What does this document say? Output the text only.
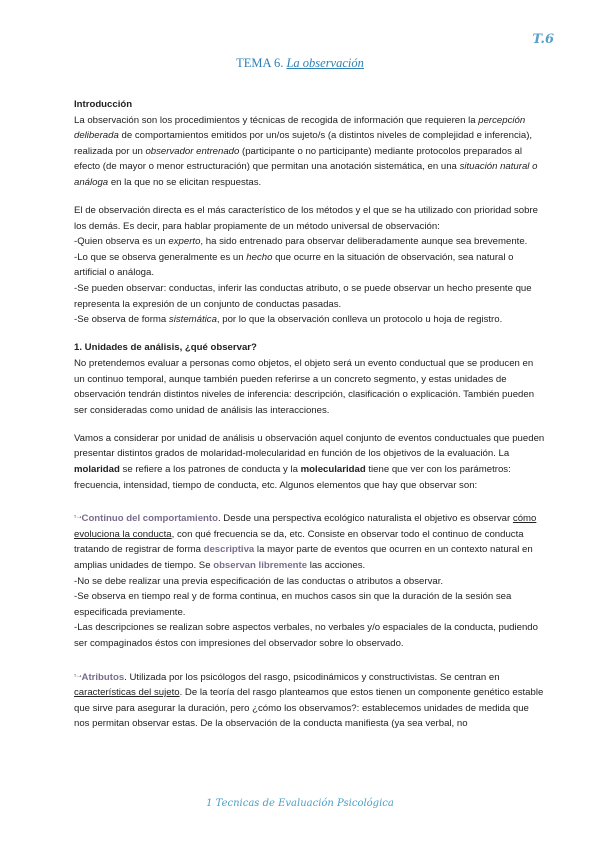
T.6
TEMA 6. La observación

Introducción
La observación son los procedimientos y técnicas de recogida de información que requieren la percepción deliberada de comportamientos emitidos por un/os sujeto/s (a distintos niveles de complejidad e inferencia), realizada por un observador entrenado (participante o no participante) mediante protocolos preparados al efecto (de mayor o menor estructuración) que permitan una anotación sistemática, en una situación natural o análoga en la que no se elicitan respuestas.

El de observación directa es el más característico de los métodos y el que se ha utilizado con prioridad sobre los demás. Es decir, para hablar propiamente de un método universal de observación:
-Quien observa es un experto, ha sido entrenado para observar deliberadamente aunque sea brevemente.
-Lo que se observa generalmente es un hecho que ocurre en la situación de observación, sea natural o artificial o análoga.
-Se pueden observar: conductas, inferir las conductas atributo, o se puede observar un hecho presente que representa la expresión de un conjunto de conductas pasadas.
-Se observa de forma sistemática, por lo que la observación conlleva un protocolo u hoja de registro.

1. Unidades de análisis, ¿qué observar?
No pretendemos evaluar a personas como objetos, el objeto será un evento conductual que se producen en un continuo temporal, aunque también pueden referirse a un concreto segmento, y estas unidades de observación tendrán distintos niveles de inferencia: descripción, clasificación o explicación. También pueden ser consideradas como unidad de análisis las interacciones.

Vamos a considerar por unidad de análisis u observación aquel conjunto de eventos conductuales que pueden presentar distintos grados de molaridad-molecularidad en función de los objetivos de la evaluación. La molaridad se refiere a los patrones de conducta y la molecularidad tiene que ver con los parámetros: frecuencia, intensidad, tiempo de conducta, etc. Algunos elementos que hay que observar son:

$^{^5➝}$Continuo del comportamiento. Desde una perspectiva ecológico naturalista el objetivo es observar cómo evoluciona la conducta, con qué frecuencia se da, etc. Consiste en observar todo el continuo de conducta tratando de registrar de forma descriptiva la mayor parte de eventos que ocurren en un contexto natural en amplias unidades de tiempo. Se observan libremente las acciones.
-No se debe realizar una previa especificación de las conductas o atributos a observar.
-Se observa en tiempo real y de forma continua, en muchos casos sin que la duración de la sesión sea especificada previamente.
-Las descripciones se realizan sobre aspectos verbales, no verbales y/o espaciales de la conducta, pudiendo ser compaginados éstos con impresiones del observador sobre lo observado.

$^{^5➝}$Atributos. Utilizada por los psicólogos del rasgo, psicodinámicos y constructivistas. Se centran en características del sujeto. De la teoría del rasgo planteamos que estos tienen un componente genético estable que sirve para asegurar la duración, pero ¿cómo los observamos?: establecemos unidades de medida que nos permitan observar estas. De la observación de la conducta manifiesta (ya sea verbal, no

1 Tecnicas de Evaluación Psicológica
